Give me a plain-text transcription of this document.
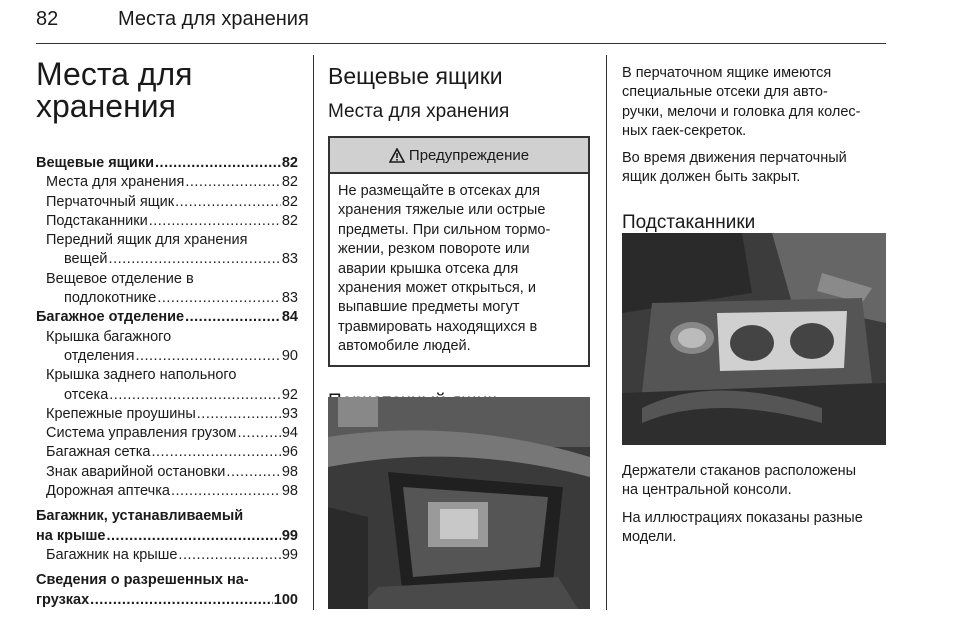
82	Места для хранения
Места для
хранения
Вещевые ящики .....	82
Места для хранения .....	82
Перчаточный ящик .....	82
Подстаканники .....	82
Передний ящик для хранения
вещей .....	83
Вещевое отделение в
подлокотнике .....	83
Багажное отделение .....	84
Крышка багажного
отделения .....	90
Крышка заднего напольного
отсека .....	92
Крепежные проушины .....	93
Система управления грузом .....	94
Багажная сетка .....	96
Знак аварийной остановки .....	98
Дорожная аптечка .....	98
Багажник, устанавливаемый
на крыше .....	99
Багажник на крыше .....	99
Сведения о разрешенных на-
грузках .....	100
Вещевые ящики
Места для хранения
Предупреждение
Не размещайте в отсеках для
хранения тяжелые или острые
предметы. При сильном тормо-
жении, резком повороте или
аварии крышка отсека для
хранения может открыться, и
выпавшие предметы могут
травмировать находящихся в
автомобиле людей.

В перчаточном ящике имеются
специальные отсеки для авто-
ручки, мелочи и головка для колес-
ных гаек-секреток.

Во время движения перчаточный
ящик должен быть закрыт.

Подстаканники

Держатели стаканов расположены
на центральной консоли.

На иллюстрациях показаны разные
модели.
